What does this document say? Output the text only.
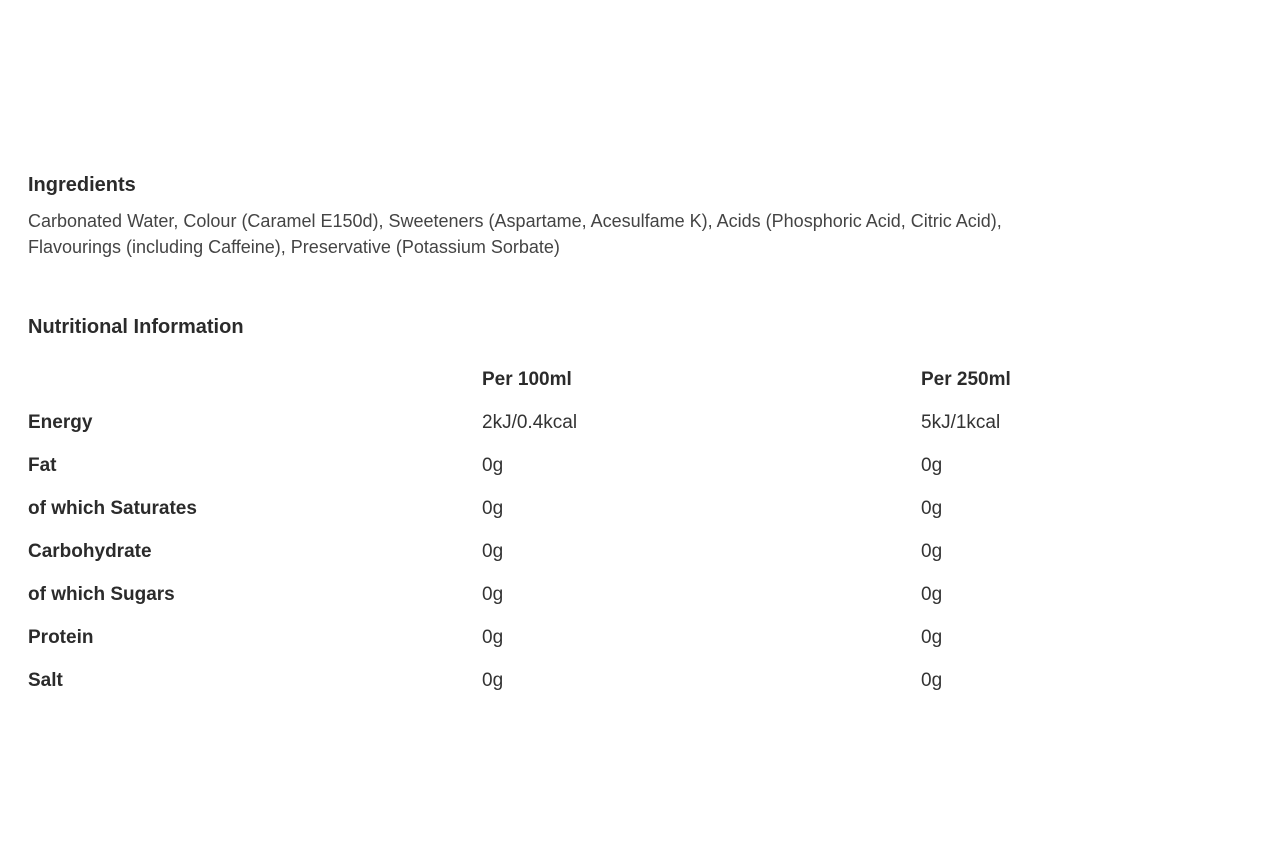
Ingredients

Carbonated Water, Colour (Caramel E150d), Sweeteners (Aspartame, Acesulfame K), Acids (Phosphoric Acid, Citric Acid),
Flavourings (including Caffeine), Preservative (Potassium Sorbate)

Nutritional Information
	Per 100ml	Per 250ml
Energy	2kJ/0.4kcal	5kJ/1kcal
Fat	0g	0g
of which Saturates	0g	0g
Carbohydrate	0g	0g
of which Sugars	0g	0g
Protein	0g	0g
Salt	0g	0g
